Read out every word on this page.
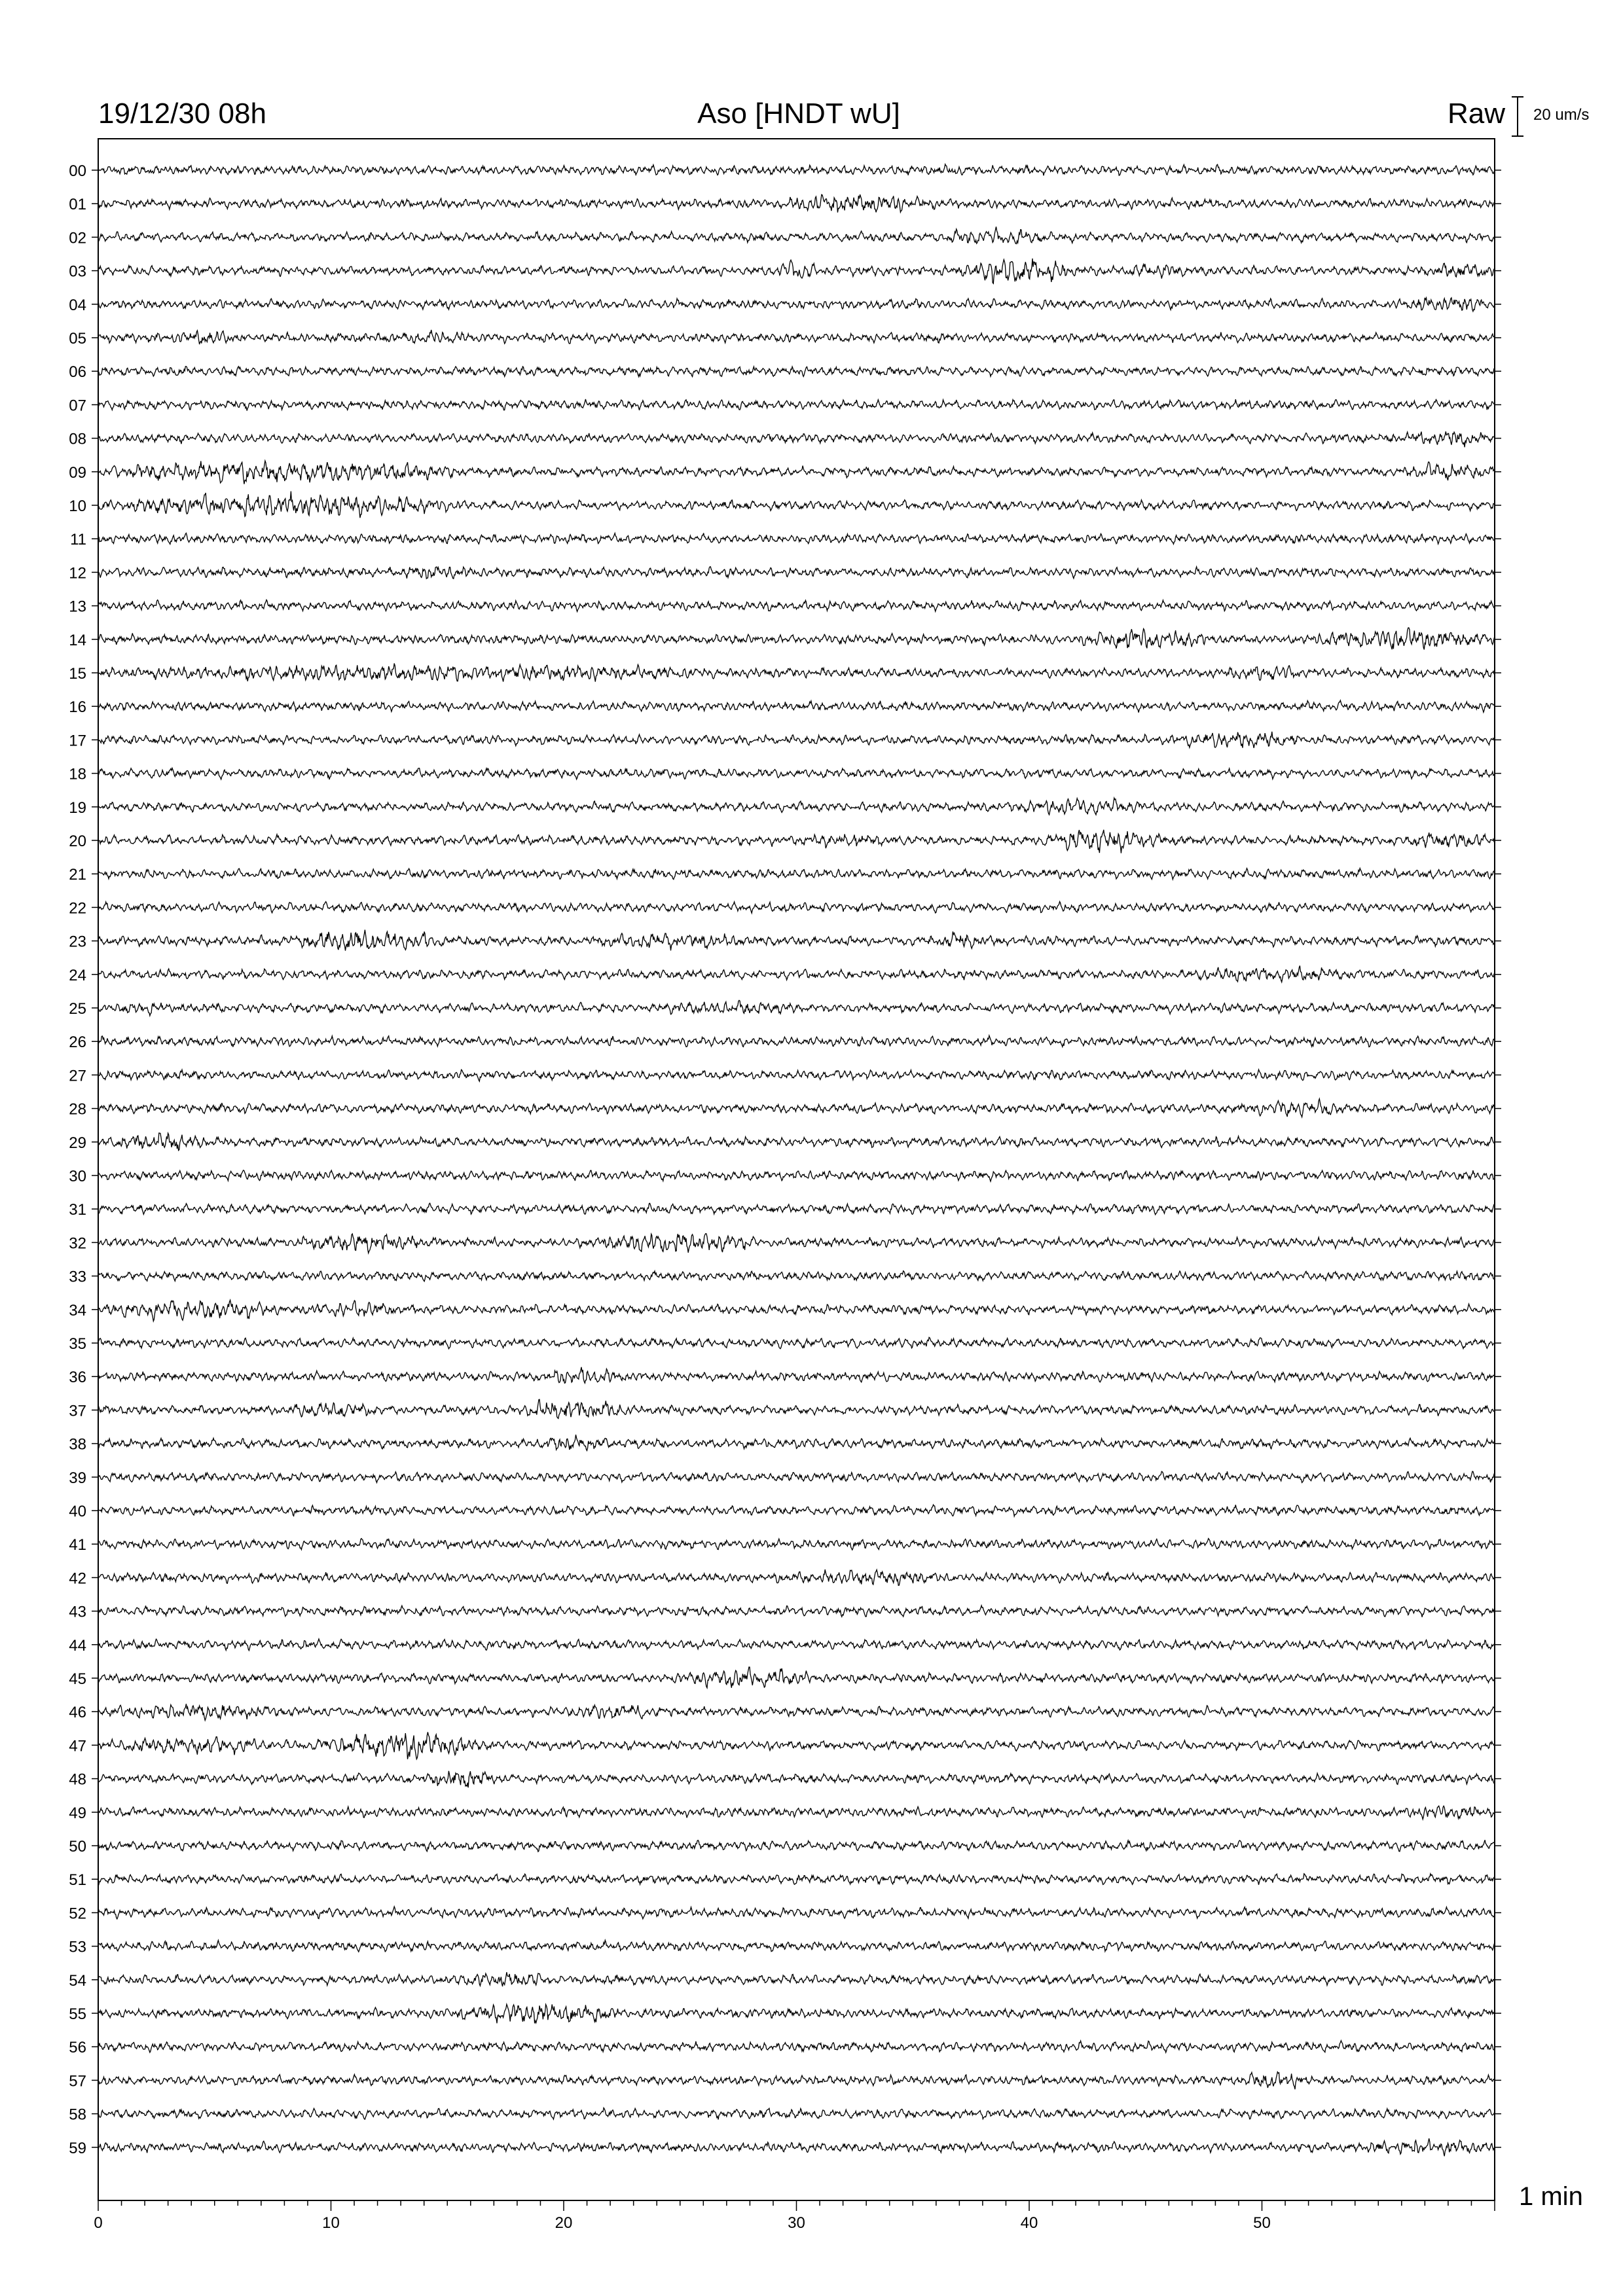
19/12/30 08h	Aso [HNDT wU]	Raw 20 um/s
1 min
00
01
02
03
04
05
06
07
08
09
10
11
12
13
14
15
16
17
18
19
20
21
22
23
24
25
26
27
28
29
30
31
32
33
34
35
36
37
38
39
40
41
42
43
44
45
46
47
48
49
50
51
52
53
54
55
56
57
58
59
0	10	20	30	40	50
